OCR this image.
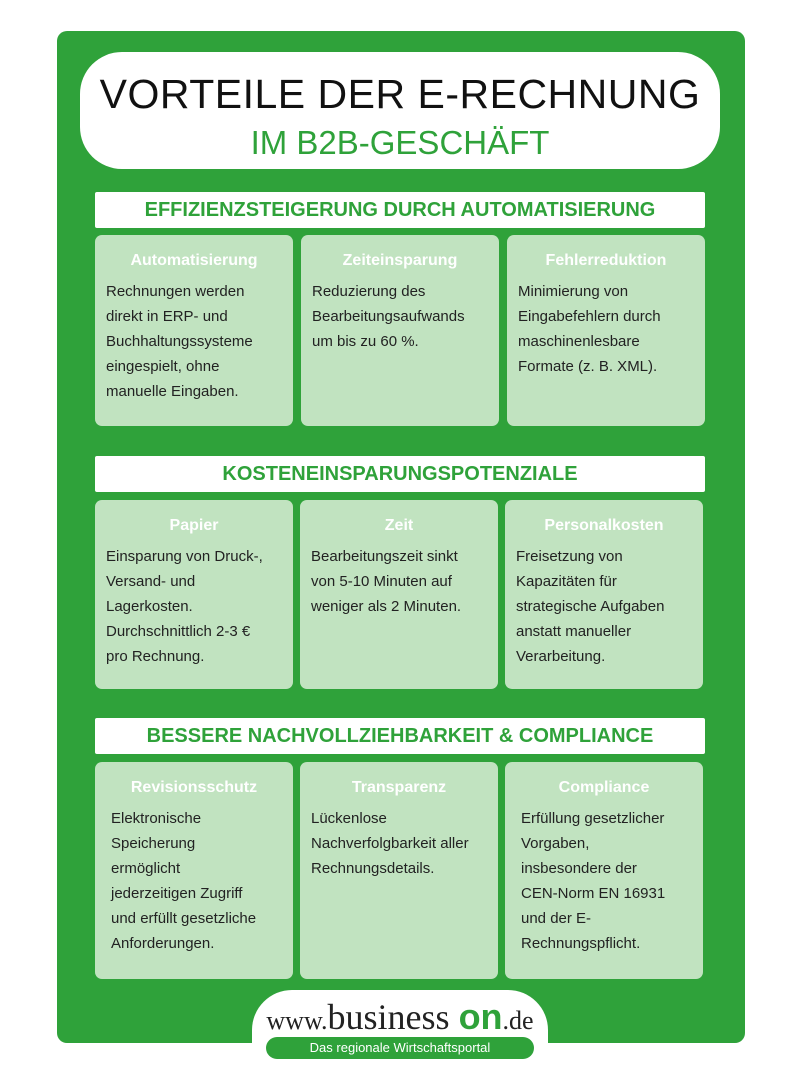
VORTEILE DER E-RECHNUNG
IM B2B-GESCHÄFT
EFFIZIENZSTEIGERUNG DURCH AUTOMATISIERUNG
Automatisierung
Rechnungen werden
direkt in ERP- und
Buchhaltungssysteme
eingespielt, ohne
manuelle Eingaben.
Zeiteinsparung
Reduzierung des
Bearbeitungsaufwands
um bis zu 60 %.
Fehlerreduktion
Minimierung von
Eingabefehlern durch
maschinenlesbare
Formate (z. B. XML).
KOSTENEINSPARUNGSPOTENZIALE
Papier
Einsparung von Druck-,
Versand- und
Lagerkosten.
Durchschnittlich 2-3 €
pro Rechnung.
Zeit
Bearbeitungszeit sinkt
von 5-10 Minuten auf
weniger als 2 Minuten.
Personalkosten
Freisetzung von
Kapazitäten für
strategische Aufgaben
anstatt manueller
Verarbeitung.
BESSERE NACHVOLLZIEHBARKEIT & COMPLIANCE
Revisionsschutz
Elektronische
Speicherung
ermöglicht
jederzeitigen Zugriff
und erfüllt gesetzliche
Anforderungen.
Transparenz
Lückenlose
Nachverfolgbarkeit aller
Rechnungsdetails.
Compliance
Erfüllung gesetzlicher
Vorgaben,
insbesondere der
CEN-Norm EN 16931
und der E-
Rechnungspflicht.
www.business on.de
Das regionale Wirtschaftsportal
